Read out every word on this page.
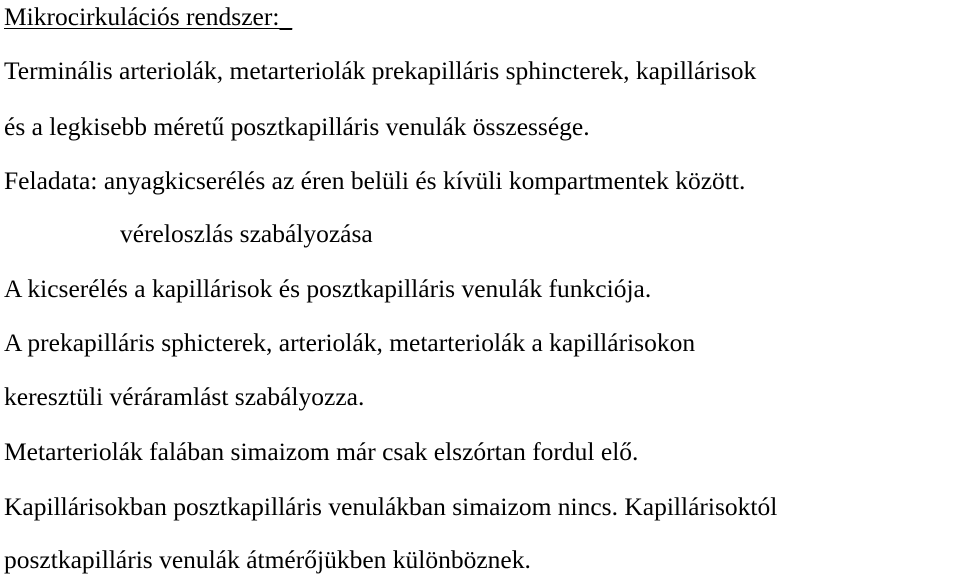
Mikrocirkulációs rendszer:
Terminális arteriolák, metarteriolák prekapilláris sphincterek, kapillárisok
és a legkisebb méretű posztkapilláris venulák összessége.
Feladata: anyagkicserélés az éren belüli és kívüli kompartmentek között.
véreloszlás szabályozása
A kicserélés a kapillárisok és posztkapilláris venulák funkciója.
A prekapilláris sphicterek, arteriolák, metarteriolák a kapillárisokon
keresztüli véráramlást szabályozza.
Metarteriolák falában simaizom már csak elszórtan fordul elő.
Kapillárisokban posztkapilláris venulákban simaizom nincs. Kapillárisoktól
posztkapilláris venulák átmérőjükben különböznek.
